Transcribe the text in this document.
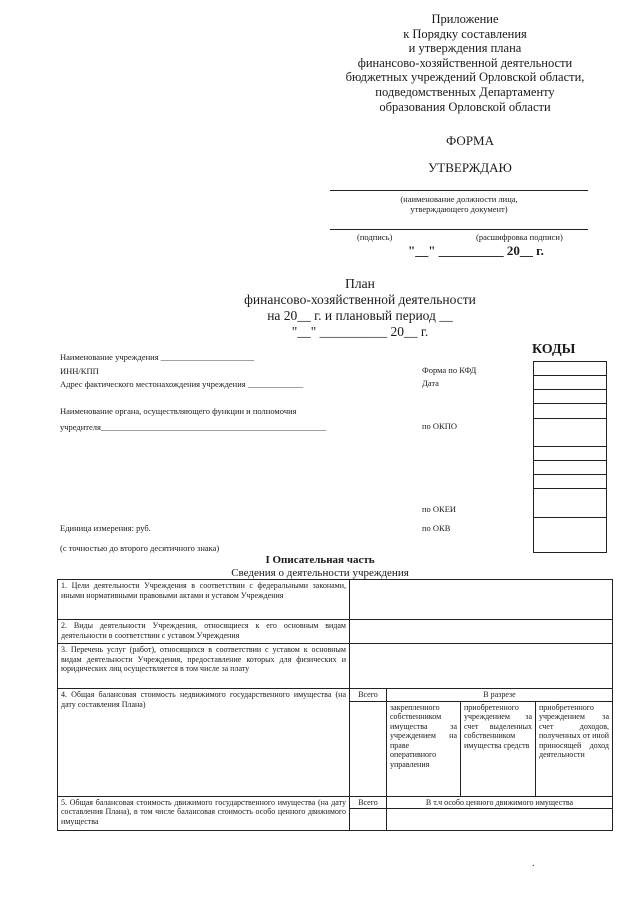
Приложение
к Порядку составления
и утверждения плана
финансово-хозяйственной деятельности
бюджетных учреждений Орловской области,
подведомственных Департаменту
образования Орловской области
ФОРМА
УТВЕРЖДАЮ
(наименование должности лица,
утверждающего документ)
(подпись)	(расшифровка подписи)
"__" __________ 20__ г.
План
финансово-хозяйственной деятельности
на 20__ г. и плановый период __
"__" __________ 20__ г.
Наименование учреждения ______________________
ИНН/КПП
Адрес фактического местонахождения учреждения _____________
Наименование органа, осуществляющего функции и полномочия
учредителя_____________________________________________________
Единица измерения: руб.
(с точностью до второго десятичного знака)
КОДЫ
Форма по КФД
Дата
по ОКПО
по ОКЕИ
по ОКВ
I Описательная часть
Сведения о деятельности учреждения
1. Цели деятельности Учреждения в соответствии с федеральными законами, иными нормативными правовыми актами и уставом Учреждения				
2. Виды деятельности Учреждения, относящиеся к его основным видам деятельности в соответствии с уставом Учреждения				
3. Перечень услуг (работ), относящихся в соответствии с уставом к основным видам деятельности Учреждения, предоставление которых для физических и юридических лиц осуществляется в том числе за плату				
4. Общая балансовая стоимость недвижимого государственного имущества (на дату составления Плана)	Всего	В разрезе		
		закрепленного собственником имущества за учреждением на праве оперативного управления	приобретенного учреждением за счет выделенных собственником имущества средств	приобретенного учреждением за счет доходов, полученных от иной приносящей доход деятельности
5. Общая балансовая стоимость движимого государственного имущества (на дату составления Плана), в том числе балансовая стоимость особо ценного движимого имущества	Всего	В т.ч особо ценного движимого имущества		

.
